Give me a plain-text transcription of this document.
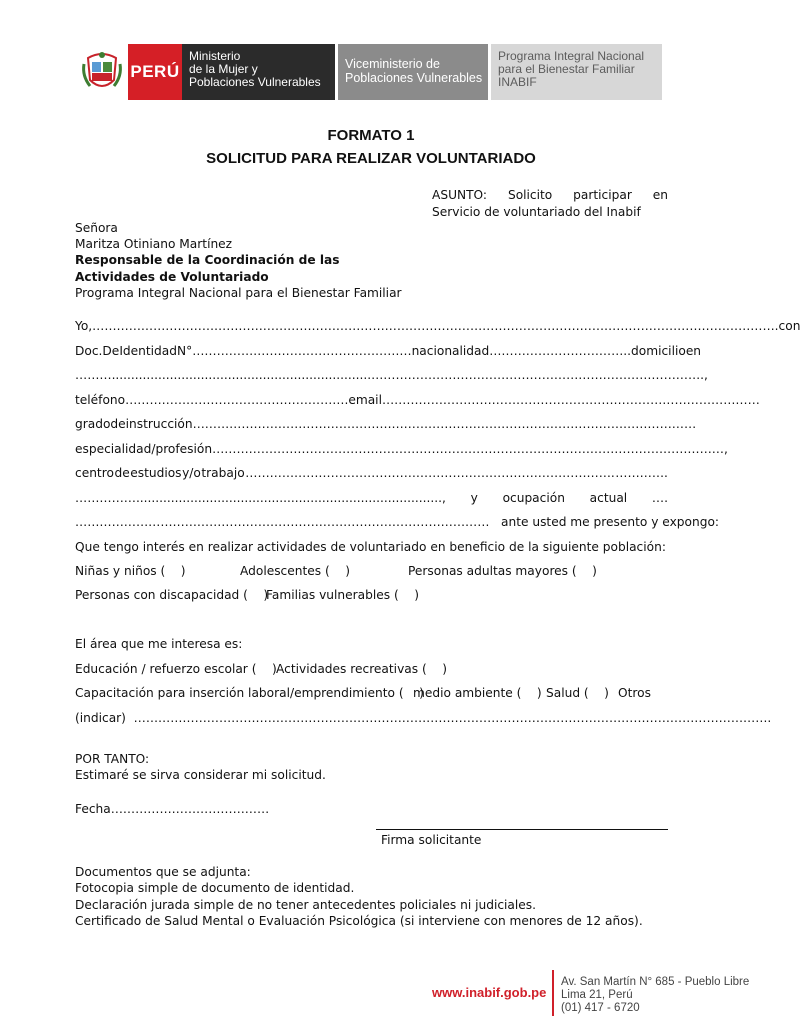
PERÚ
Ministerio
de la Mujer y
Poblaciones Vulnerables
Viceministerio de
Poblaciones Vulnerables
Programa Integral Nacional
para el Bienestar Familiar
INABIF
FORMATO 1
SOLICITUD PARA REALIZAR VOLUNTARIADO
ASUNTO: Solicito participar en Servicio de voluntariado del Inabif
Señora
Maritza Otiniano Martínez
Responsable de la Coordinación de las
Actividades de Voluntariado
Programa Integral Nacional para el Bienestar Familiar
Yo,……………………………………………………………………………………………………………………………………………………. con
Doc. De Identidad N°……………………………………………… nacionalidad…………………………….. domicilio en
………...................................................................……………………………………………………………………….,
teléfono………………………………………………. email …………………………………………………………………………………
grado de instrucción …………………………………………. …………………………………………………………………
especialidad/profesión………………………………………………………………………………………………………………,
centro de estudios y/o trabajo ………………………………………………………………………………. ………….
……………..............................................................................., y ocupación actual ….
…………………………………………………………………………………………   ante usted me presento y expongo:
Que tengo interés en realizar actividades de voluntariado en beneficio de la siguiente población:
Niñas y niños (    )	Adolescentes (    )	Personas adultas mayores (    )
Personas con discapacidad (    )
Familias vulnerables (    )
El área que me interesa es:
Educación / refuerzo escolar (    ) Actividades recreativas (    )
Capacitación para inserción laboral/emprendimiento (    )
medio ambiente (    ) Salud (    ) Otros
(indicar)  ………………………………………………………………………………………………………………………………………….
POR TANTO:
Estimaré se sirva considerar mi solicitud.
Fecha…………………………………
Firma solicitante
Documentos que se adjunta:
Fotocopia simple de documento de identidad.
Declaración jurada simple de no tener antecedentes policiales ni judiciales.
Certificado de Salud Mental o Evaluación Psicológica (si interviene con menores de 12 años).
www.inabif.gob.pe
Av. San Martín N° 685 - Pueblo Libre
Lima 21, Perú
(01) 417 - 6720
